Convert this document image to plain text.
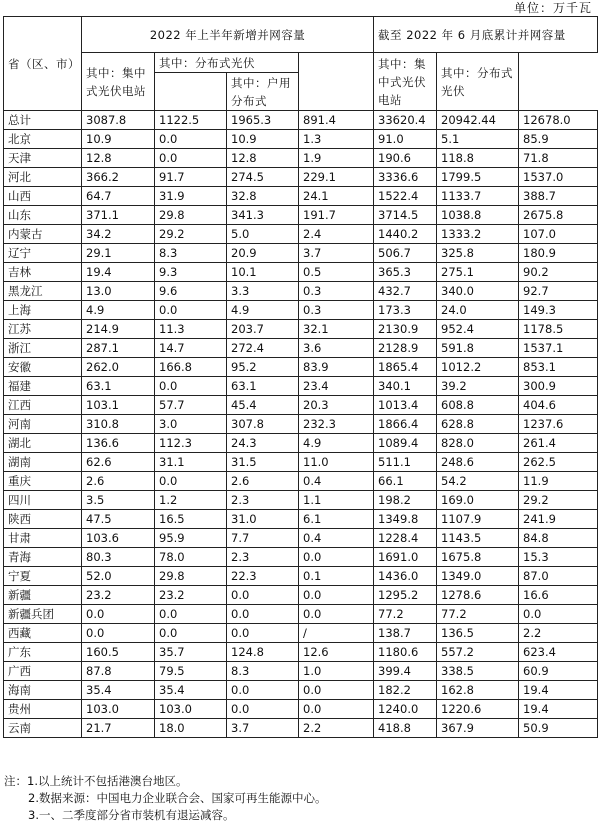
单位：万千瓦
省（区、市）	2022 年上半年新增并网容量				截至 2022 年 6 月底累计并网容量		
	其中：集中式光伏电站	其中：分布式光伏			其中：集中式光伏电站	其中：分布式光伏	
			其中：户用分布式				
总计	3087.8	1122.5	1965.3	891.4	33620.4	20942.44	12678.0
北京	10.9	0.0	10.9	1.3	91.0	5.1	85.9
天津	12.8	0.0	12.8	1.9	190.6	118.8	71.8
河北	366.2	91.7	274.5	229.1	3336.6	1799.5	1537.0
山西	64.7	31.9	32.8	24.1	1522.4	1133.7	388.7
山东	371.1	29.8	341.3	191.7	3714.5	1038.8	2675.8
内蒙古	34.2	29.2	5.0	2.4	1440.2	1333.2	107.0
辽宁	29.1	8.3	20.9	3.7	506.7	325.8	180.9
吉林	19.4	9.3	10.1	0.5	365.3	275.1	90.2
黑龙江	13.0	9.6	3.3	0.3	432.7	340.0	92.7
上海	4.9	0.0	4.9	0.3	173.3	24.0	149.3
江苏	214.9	11.3	203.7	32.1	2130.9	952.4	1178.5
浙江	287.1	14.7	272.4	3.6	2128.9	591.8	1537.1
安徽	262.0	166.8	95.2	83.9	1865.4	1012.2	853.1
福建	63.1	0.0	63.1	23.4	340.1	39.2	300.9
江西	103.1	57.7	45.4	20.3	1013.4	608.8	404.6
河南	310.8	3.0	307.8	232.3	1866.4	628.8	1237.6
湖北	136.6	112.3	24.3	4.9	1089.4	828.0	261.4
湖南	62.6	31.1	31.5	11.0	511.1	248.6	262.5
重庆	2.6	0.0	2.6	0.4	66.1	54.2	11.9
四川	3.5	1.2	2.3	1.1	198.2	169.0	29.2
陕西	47.5	16.5	31.0	6.1	1349.8	1107.9	241.9
甘肃	103.6	95.9	7.7	0.4	1228.4	1143.5	84.8
青海	80.3	78.0	2.3	0.0	1691.0	1675.8	15.3
宁夏	52.0	29.8	22.3	0.1	1436.0	1349.0	87.0
新疆	23.2	23.2	0.0	0.0	1295.2	1278.6	16.6
新疆兵团	0.0	0.0	0.0	0.0	77.2	77.2	0.0
西藏	0.0	0.0	0.0	/	138.7	136.5	2.2
广东	160.5	35.7	124.8	12.6	1180.6	557.2	623.4
广西	87.8	79.5	8.3	1.0	399.4	338.5	60.9
海南	35.4	35.4	0.0	0.0	182.2	162.8	19.4
贵州	103.0	103.0	0.0	0.0	1240.0	1220.6	19.4
云南	21.7	18.0	3.7	2.2	418.8	367.9	50.9
注：1.以上统计不包括港澳台地区。
2.数据来源：中国电力企业联合会、国家可再生能源中心。
3.一、二季度部分省市装机有退运减容。
